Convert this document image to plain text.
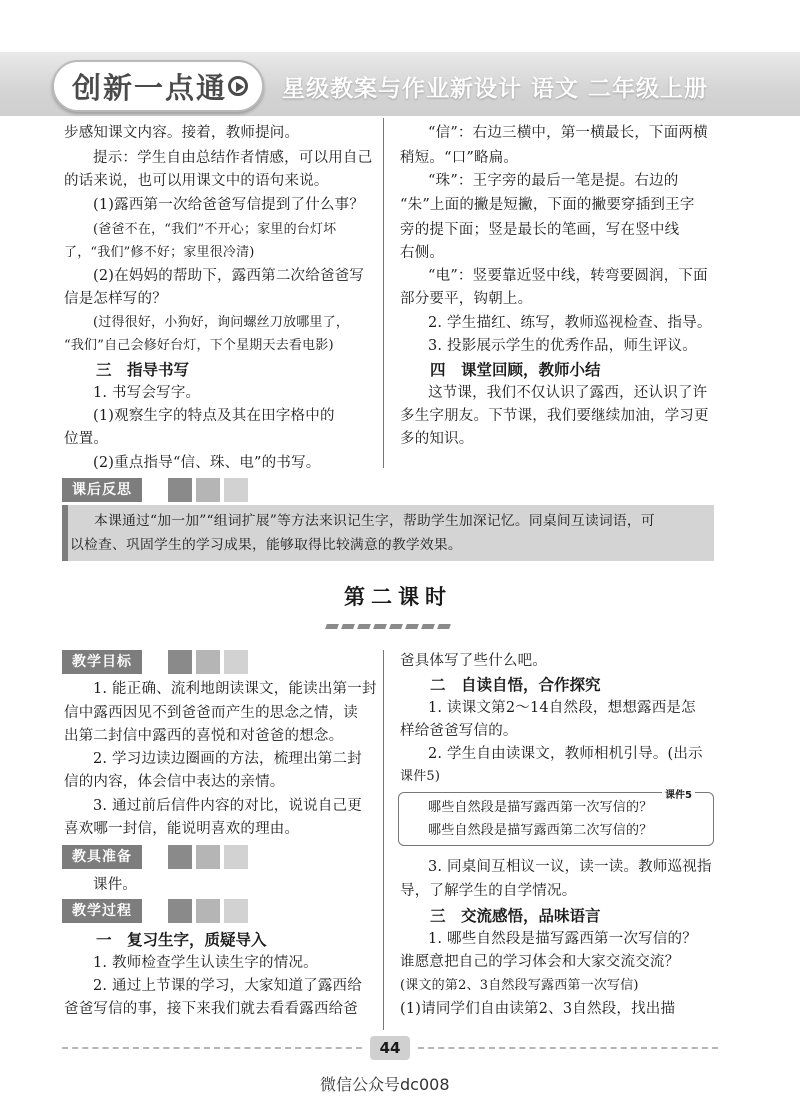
创新一点通 星级教案与作业新设计 语文 二年级上册
步感知课文内容。接着，教师提问。
提示：学生自由总结作者情感，可以用自己
的话来说，也可以用课文中的语句来说。
(1)露西第一次给爸爸写信提到了什么事？
(爸爸不在，“我们”不开心；家里的台灯坏
了，“我们”修不好；家里很冷清)
(2)在妈妈的帮助下，露西第二次给爸爸写
信是怎样写的？
(过得很好，小狗好，询问螺丝刀放哪里了，
“我们”自己会修好台灯，下个星期天去看电影)
三　指导书写
1. 书写会写字。
(1)观察生字的特点及其在田字格中的
位置。
(2)重点指导“信、珠、电”的书写。
“信”：右边三横中，第一横最长，下面两横
稍短。“口”略扁。
“珠”：王字旁的最后一笔是提。右边的
“朱”上面的撇是短撇，下面的撇要穿插到王字
旁的提下面；竖是最长的笔画，写在竖中线
右侧。
“电”：竖要靠近竖中线，转弯要圆润，下面
部分要平，钩朝上。
2. 学生描红、练写，教师巡视检查、指导。
3. 投影展示学生的优秀作品，师生评议。
四　课堂回顾，教师小结
这节课，我们不仅认识了露西，还认识了许
多生字朋友。下节课，我们要继续加油，学习更
多的知识。
课后反思
本课通过“加一加”“组词扩展”等方法来识记生字，帮助学生加深记忆。同桌间互读词语，可
以检查、巩固学生的学习成果，能够取得比较满意的教学效果。
第二课时
教学目标
1. 能正确、流利地朗读课文，能读出第一封
信中露西因见不到爸爸而产生的思念之情，读
出第二封信中露西的喜悦和对爸爸的想念。
2. 学习边读边圈画的方法，梳理出第二封
信的内容，体会信中表达的亲情。
3. 通过前后信件内容的对比，说说自己更
喜欢哪一封信，能说明喜欢的理由。
教具准备
课件。
教学过程
一　复习生字，质疑导入
1. 教师检查学生认读生字的情况。
2. 通过上节课的学习，大家知道了露西给
爸爸写信的事，接下来我们就去看看露西给爸
爸具体写了些什么吧。
二　自读自悟，合作探究
1. 读课文第2～14自然段，想想露西是怎
样给爸爸写信的。
2. 学生自由读课文，教师相机引导。(出示
课件5)
课件5
哪些自然段是描写露西第一次写信的？
哪些自然段是描写露西第二次写信的？
3. 同桌间互相议一议，读一读。教师巡视指
导，了解学生的自学情况。
三　交流感悟，品味语言
1. 哪些自然段是描写露西第一次写信的？
谁愿意把自己的学习体会和大家交流交流？
(课文的第2、3自然段写露西第一次写信)
(1)请同学们自由读第2、3自然段，找出描
44
微信公众号dc008
